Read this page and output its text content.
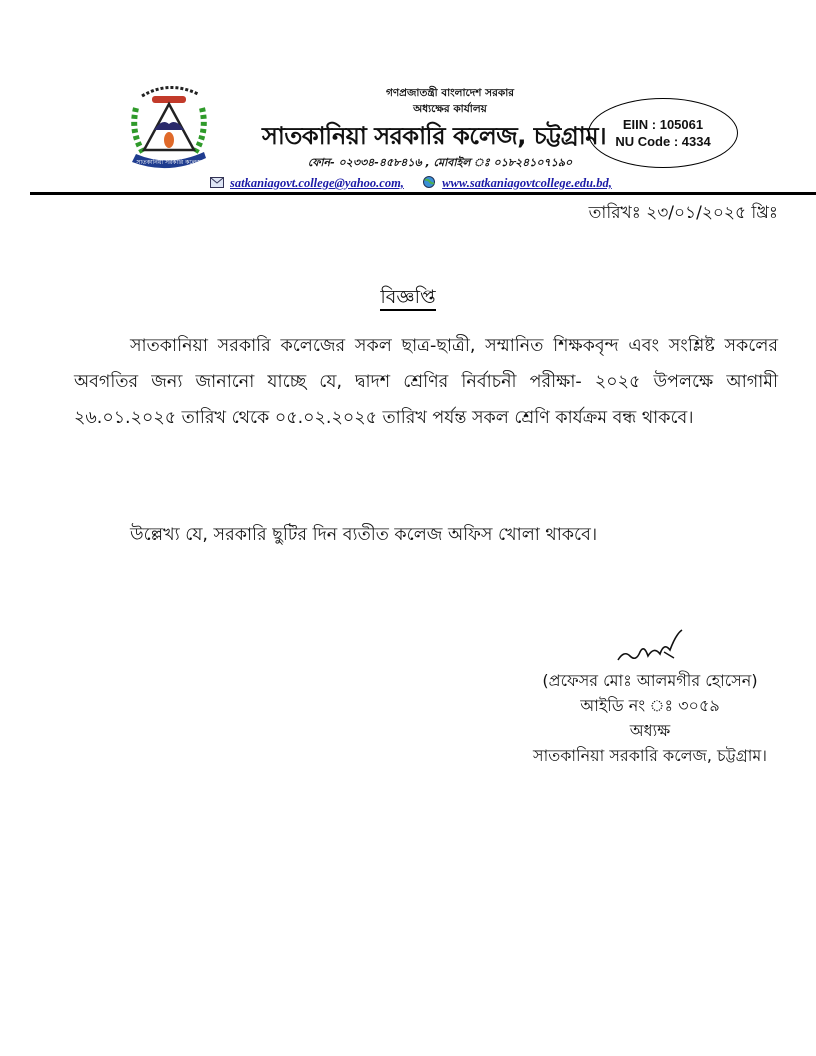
সাতকানিয়া সরকারি কলেজ
গণপ্রজাতন্ত্রী বাংলাদেশ সরকার
অধ্যক্ষের কার্যালয়
সাতকানিয়া সরকারি কলেজ, চট্টগ্রাম।
ফোন- ০২৩৩৪-৪৫৮৪১৬ , মোবাইল ঃ ০১৮২৪১০৭১৯০
EIIN : 105061
NU Code : 4334
satkaniagovt.college@yahoo.com,	www.satkaniagovtcollege.edu.bd,
তারিখঃ ২৩/০১/২০২৫ খ্রিঃ
বিজ্ঞপ্তি
সাতকানিয়া সরকারি কলেজের সকল ছাত্র-ছাত্রী, সম্মানিত শিক্ষকবৃন্দ এবং সংশ্লিষ্ট সকলের অবগতির জন্য জানানো যাচ্ছে যে, দ্বাদশ শ্রেণির নির্বাচনী পরীক্ষা- ২০২৫ উপলক্ষে আগামী ২৬.০১.২০২৫ তারিখ থেকে ০৫.০২.২০২৫ তারিখ পর্যন্ত সকল শ্রেণি কার্যক্রম বন্ধ থাকবে।
উল্লেখ্য যে, সরকারি ছুটির দিন ব্যতীত কলেজ অফিস খোলা থাকবে।
(প্রফেসর মোঃ আলমগীর হোসেন)
আইডি নং ঃ ৩০৫৯
অধ্যক্ষ
সাতকানিয়া সরকারি কলেজ, চট্টগ্রাম।
